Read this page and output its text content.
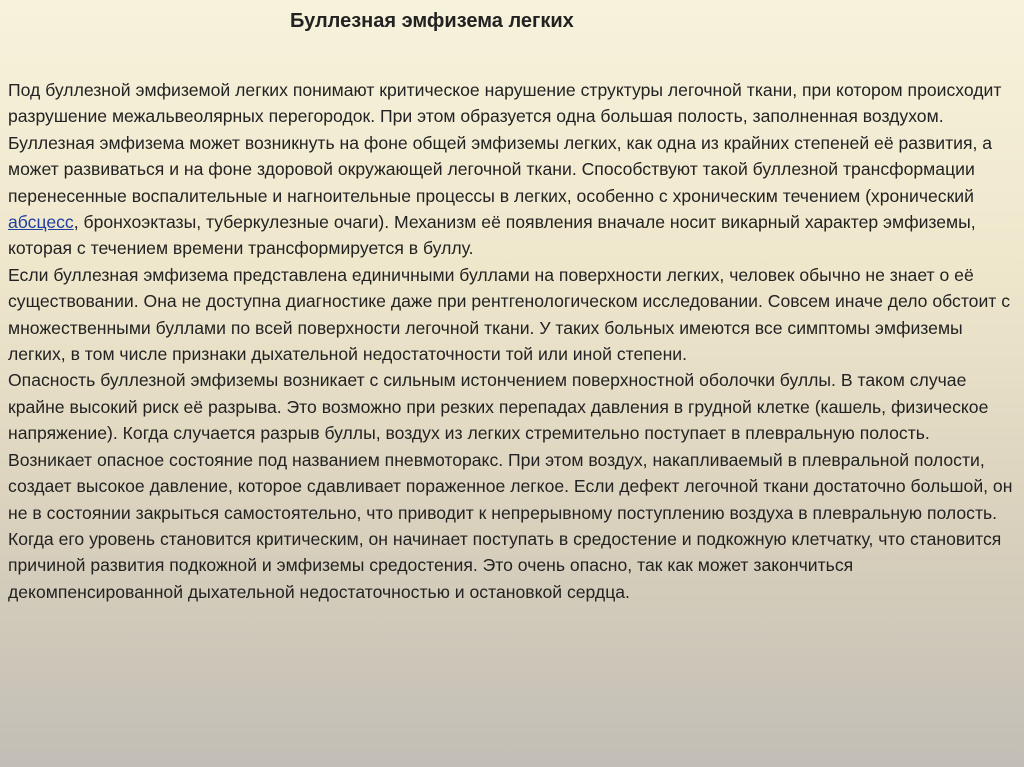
Буллезная эмфизема легких

Под буллезной эмфиземой легких понимают критическое нарушение структуры легочной ткани, при котором происходит разрушение межальвеолярных перегородок. При этом образуется одна большая полость, заполненная воздухом. Буллезная эмфизема может возникнуть на фоне общей эмфиземы легких, как одна из крайних степеней её развития, а может развиваться и на фоне здоровой окружающей легочной ткани. Способствуют такой буллезной трансформации перенесенные воспалительные и нагноительные процессы в легких, особенно с хроническим течением (хронический абсцесс, бронхоэктазы, туберкулезные очаги). Механизм её появления вначале носит викарный характер эмфиземы, которая с течением времени трансформируется в буллу.

Если буллезная эмфизема представлена единичными буллами на поверхности легких, человек обычно не знает о её существовании. Она не доступна диагностике даже при рентгенологическом исследовании. Совсем иначе дело обстоит с множественными буллами по всей поверхности легочной ткани. У таких больных имеются все симптомы эмфиземы легких, в том числе признаки дыхательной недостаточности той или иной степени.

Опасность буллезной эмфиземы возникает с сильным истончением поверхностной оболочки буллы. В таком случае крайне высокий риск её разрыва. Это возможно при резких перепадах давления в грудной клетке (кашель, физическое напряжение). Когда случается разрыв буллы, воздух из легких стремительно поступает в плевральную полость. Возникает опасное состояние под названием пневмоторакс. При этом воздух, накапливаемый в плевральной полости, создает высокое давление, которое сдавливает пораженное легкое. Если дефект легочной ткани достаточно большой, он не в состоянии закрыться самостоятельно, что приводит к непрерывному поступлению воздуха в плевральную полость. Когда его уровень становится критическим, он начинает поступать в средостение и подкожную клетчатку, что становится причиной развития подкожной и эмфиземы средостения. Это очень опасно, так как может закончиться декомпенсированной дыхательной недостаточностью и остановкой сердца.
